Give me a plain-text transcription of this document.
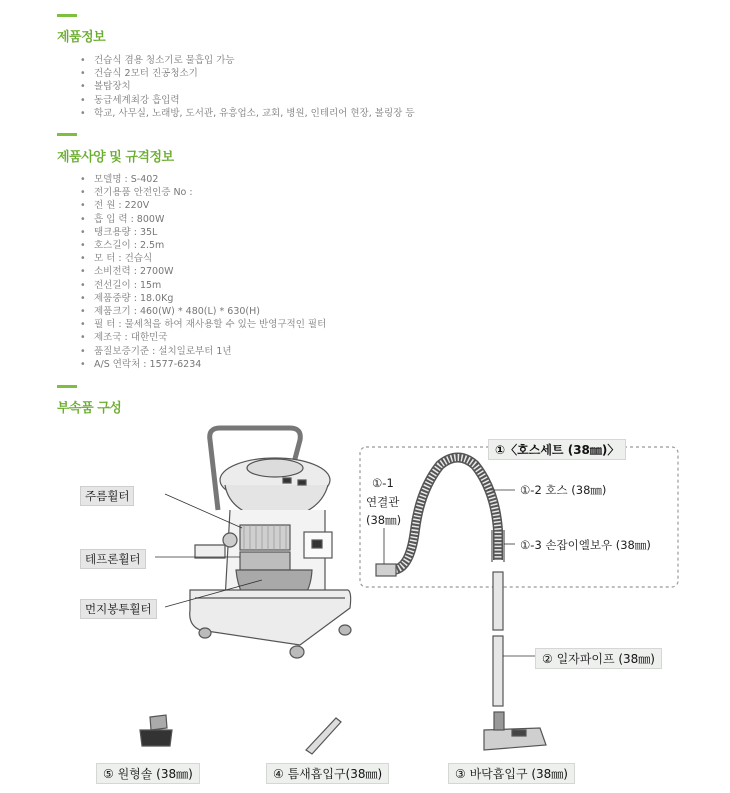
제품정보
• 건습식 겸용 청소기로 물흡입 가능
• 건습식 2모터 진공청소기
• 볼탑장치
• 동급세계최강 흡입력
• 학교, 사무실, 노래방, 도서관, 유흥업소, 교회, 병원, 인테리어 현장, 볼링장 등
제품사양 및 규격정보
• 모델명 : S-402
• 전기용품 안전인증 No :
• 전 원 : 220V
• 흡 입 력 : 800W
• 탱크용량 : 35L
• 호스길이 : 2.5m
• 모 터 : 건습식
• 소비전력 : 2700W
• 전선길이 : 15m
• 제품중량 : 18.0Kg
• 제품크기 : 460(W) * 480(L) * 630(H)
• 필 터 : 물세척을 하여 재사용할 수 있는 반영구적인 필터
• 제조국 : 대한민국
• 품질보증기준 : 설치일로부터 1년
• A/S 연락처 : 1577-6234
부속품 구성
주름휠터
테프론휠터
먼지봉투휠터
①〈호스세트 (38㎜)〉
①-1
연결관
(38㎜)
①-2 호스 (38㎜)
①-3 손잡이엘보우 (38㎜)
② 일자파이프 (38㎜)
⑤ 원형솔 (38㎜)	④ 틈새흡입구(38㎜)	③ 바닥흡입구 (38㎜)
